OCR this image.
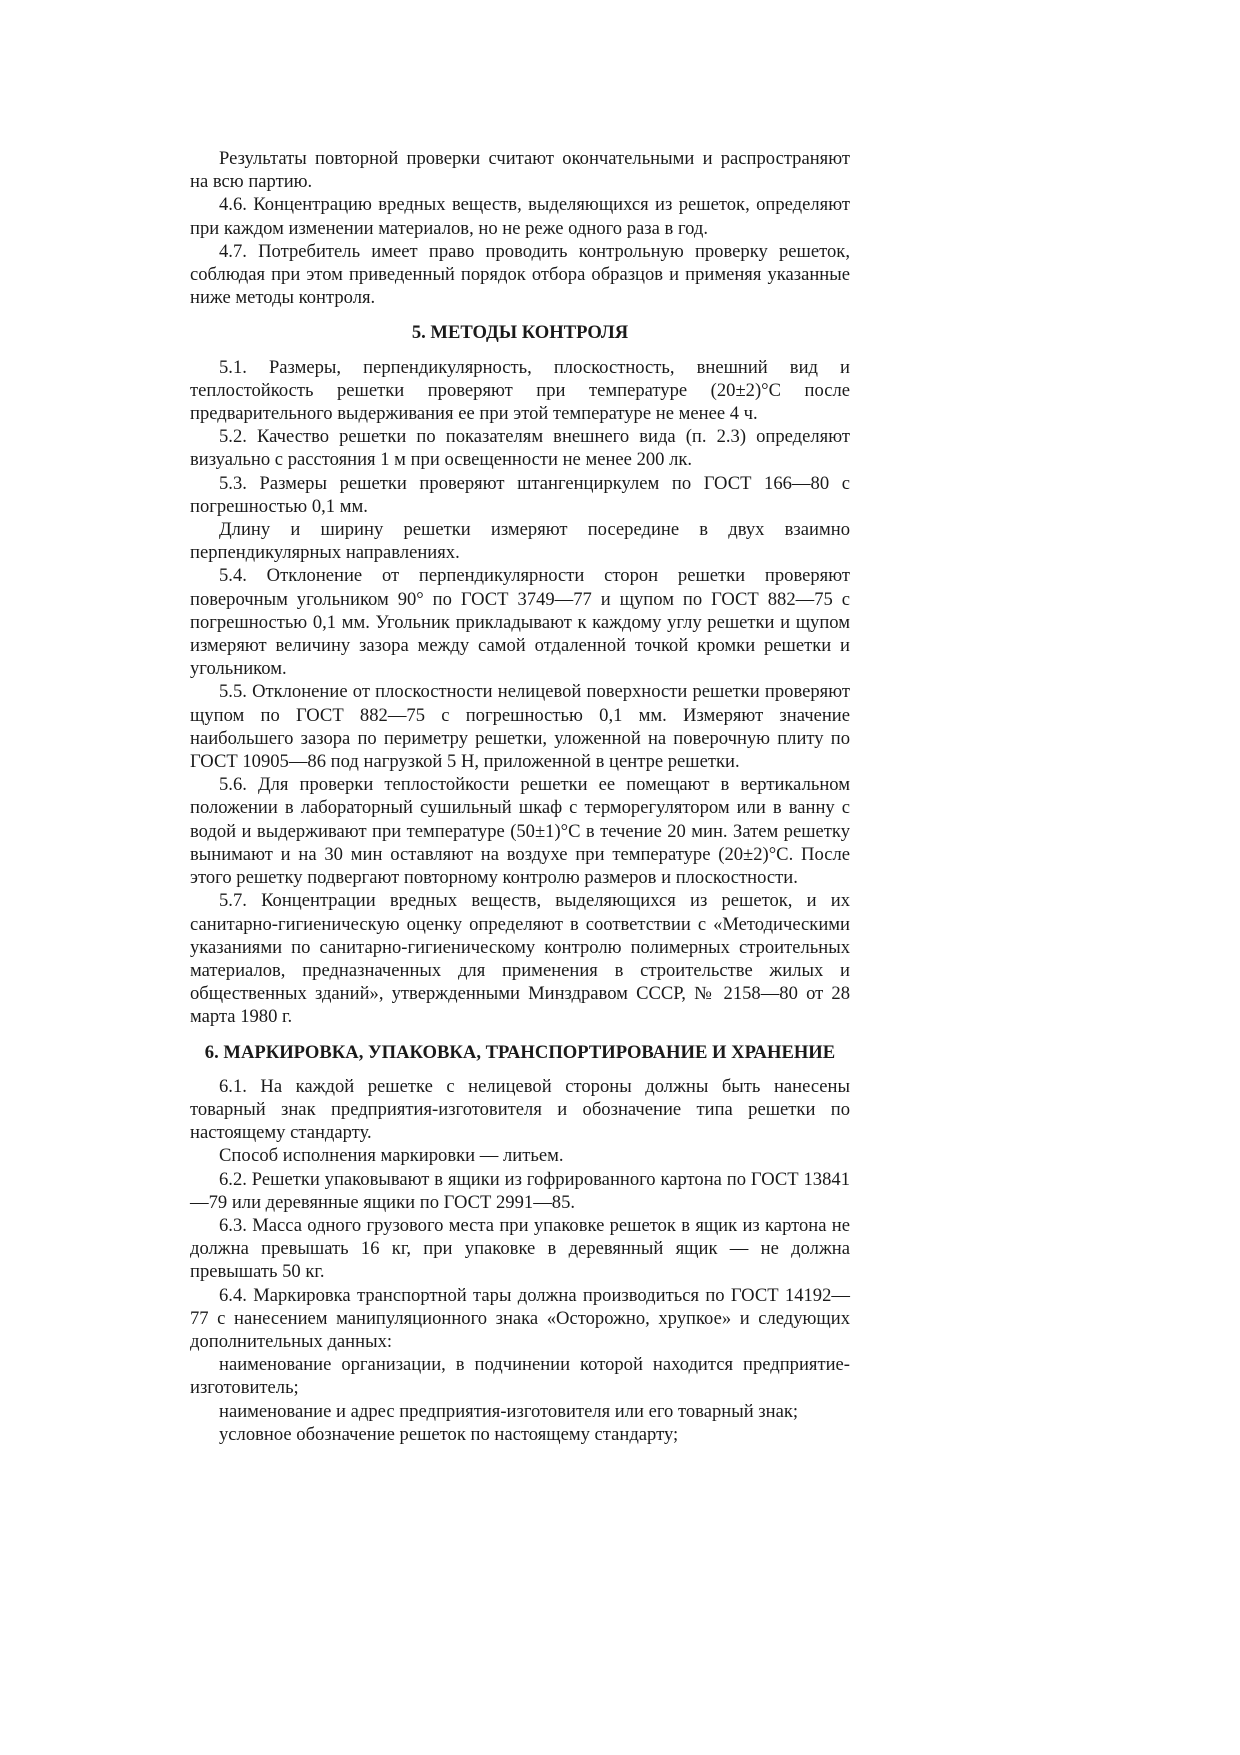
Результаты повторной проверки считают окончательными и распространяют на всю партию.

4.6. Концентрацию вредных веществ, выделяющихся из решеток, определяют при каждом изменении материалов, но не реже одного раза в год.

4.7. Потребитель имеет право проводить контрольную проверку решеток, соблюдая при этом приведенный порядок отбора образцов и применяя указанные ниже методы контроля.

5. МЕТОДЫ КОНТРОЛЯ

5.1. Размеры, перпендикулярность, плоскостность, внешний вид и теплостойкость решетки проверяют при температуре (20±2)°С после предварительного выдерживания ее при этой температуре не менее 4 ч.

5.2. Качество решетки по показателям внешнего вида (п. 2.3) определяют визуально с расстояния 1 м при освещенности не менее 200 лк.

5.3. Размеры решетки проверяют штангенциркулем по ГОСТ 166—80 с погрешностью 0,1 мм.

Длину и ширину решетки измеряют посередине в двух взаимно перпендикулярных направлениях.

5.4. Отклонение от перпендикулярности сторон решетки проверяют поверочным угольником 90° по ГОСТ 3749—77 и щупом по ГОСТ 882—75 с погрешностью 0,1 мм. Угольник прикладывают к каждому углу решетки и щупом измеряют величину зазора между самой отдаленной точкой кромки решетки и угольником.

5.5. Отклонение от плоскостности нелицевой поверхности решетки проверяют щупом по ГОСТ 882—75 с погрешностью 0,1 мм. Измеряют значение наибольшего зазора по периметру решетки, уложенной на поверочную плиту по ГОСТ 10905—86 под нагрузкой 5 Н, приложенной в центре решетки.

5.6. Для проверки теплостойкости решетки ее помещают в вертикальном положении в лабораторный сушильный шкаф с терморегулятором или в ванну с водой и выдерживают при температуре (50±1)°С в течение 20 мин. Затем решетку вынимают и на 30 мин оставляют на воздухе при температуре (20±2)°С. После этого решетку подвергают повторному контролю размеров и плоскостности.

5.7. Концентрации вредных веществ, выделяющихся из решеток, и их санитарно-гигиеническую оценку определяют в соответствии с «Методическими указаниями по санитарно-гигиеническому контролю полимерных строительных материалов, предназначенных для применения в строительстве жилых и общественных зданий», утвержденными Минздравом СССР, № 2158—80 от 28 марта 1980 г.

6. МАРКИРОВКА, УПАКОВКА, ТРАНСПОРТИРОВАНИЕ И ХРАНЕНИЕ

6.1. На каждой решетке с нелицевой стороны должны быть нанесены товарный знак предприятия-изготовителя и обозначение типа решетки по настоящему стандарту.

Способ исполнения маркировки — литьем.

6.2. Решетки упаковывают в ящики из гофрированного картона по ГОСТ 13841—79 или деревянные ящики по ГОСТ 2991—85.

6.3. Масса одного грузового места при упаковке решеток в ящик из картона не должна превышать 16 кг, при упаковке в деревянный ящик — не должна превышать 50 кг.

6.4. Маркировка транспортной тары должна производиться по ГОСТ 14192—77 с нанесением манипуляционного знака «Осторожно, хрупкое» и следующих дополнительных данных:

наименование организации, в подчинении которой находится предприятие-изготовитель;

наименование и адрес предприятия-изготовителя или его товарный знак;

условное обозначение решеток по настоящему стандарту;
